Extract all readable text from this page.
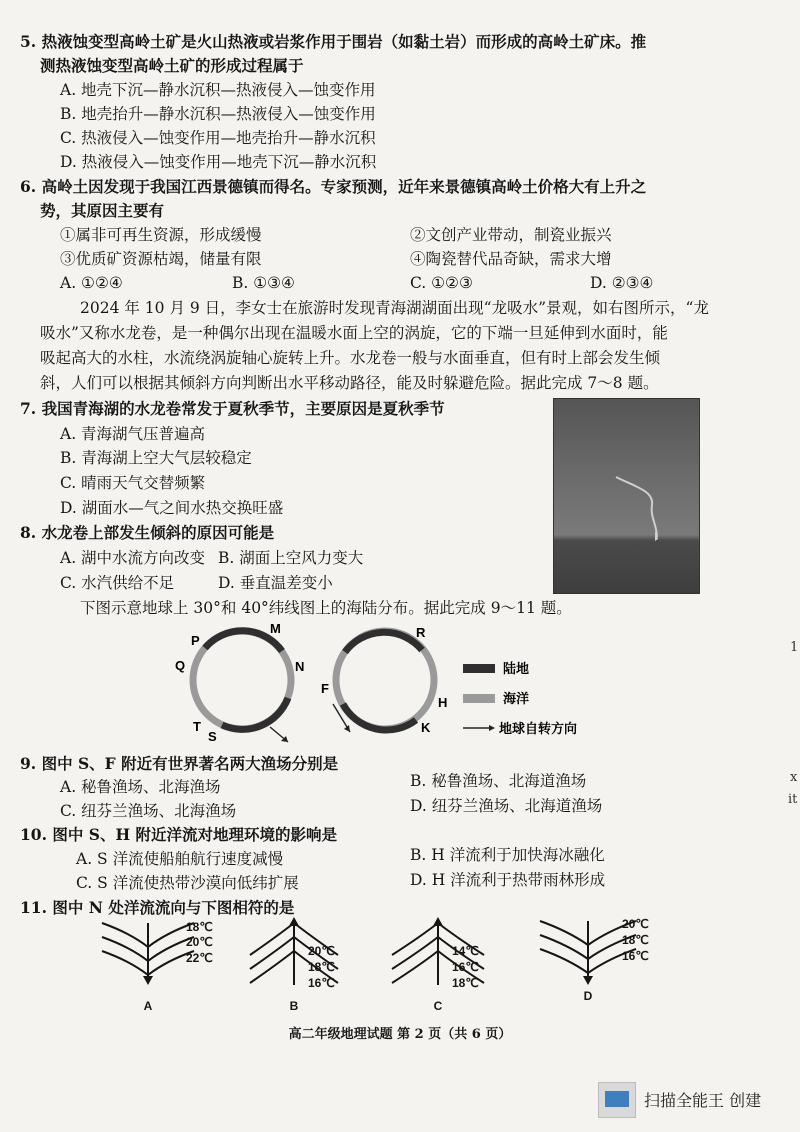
5. 热液蚀变型高岭土矿是火山热液或岩浆作用于围岩（如黏土岩）而形成的高岭土矿床。推
测热液蚀变型高岭土矿的形成过程属于
A. 地壳下沉—静水沉积—热液侵入—蚀变作用
B. 地壳抬升—静水沉积—热液侵入—蚀变作用
C. 热液侵入—蚀变作用—地壳抬升—静水沉积
D. 热液侵入—蚀变作用—地壳下沉—静水沉积
6. 高岭土因发现于我国江西景德镇而得名。专家预测，近年来景德镇高岭土价格大有上升之
势，其原因主要有
①属非可再生资源，形成缓慢	②文创产业带动，制瓷业振兴
③优质矿资源枯竭，储量有限	④陶瓷替代品奇缺，需求大增
A. ①②④	B. ①③④	C. ①②③	D. ②③④
2024 年 10 月 9 日，李女士在旅游时发现青海湖湖面出现“龙吸水”景观，如右图所示，“龙
吸水”又称水龙卷，是一种偶尔出现在温暖水面上空的涡旋，它的下端一旦延伸到水面时，能
吸起高大的水柱，水流绕涡旋轴心旋转上升。水龙卷一般与水面垂直，但有时上部会发生倾
斜，人们可以根据其倾斜方向判断出水平移动路径，能及时躲避危险。据此完成 7～8 题。
7. 我国青海湖的水龙卷常发于夏秋季节，主要原因是夏秋季节
A. 青海湖气压普遍高
B. 青海湖上空大气层较稳定
C. 晴雨天气交替频繁
D. 湖面水—气之间水热交换旺盛
8. 水龙卷上部发生倾斜的原因可能是
A. 湖中水流方向改变 B. 湖面上空风力变大
C. 水汽供给不足	D. 垂直温差变小
下图示意地球上 30°和 40°纬线图上的海陆分布。据此完成 9～11 题。
P
M
Q	N
T
S
R
F
H
K
陆地
海洋
地球自转方向
9. 图中 S、F 附近有世界著名两大渔场分别是
B. 秘鲁渔场、北海道渔场
A. 秘鲁渔场、北海渔场
D. 纽芬兰渔场、北海道渔场
C. 纽芬兰渔场、北海渔场
10. 图中 S、H 附近洋流对地理环境的影响是
B. H 洋流利于加快海冰融化
A. S 洋流使船舶航行速度减慢
D. H 洋流利于热带雨林形成
C. S 洋流使热带沙漠向低纬扩展
11. 图中 N 处洋流流向与下图相符的是
18℃
20℃
22℃
A
20℃
18℃
16℃
B
14℃
16℃
18℃
C
20℃
18℃
16℃
D
高二年级地理试题 第 2 页（共 6 页）
1
x
it
扫描全能王 创建
